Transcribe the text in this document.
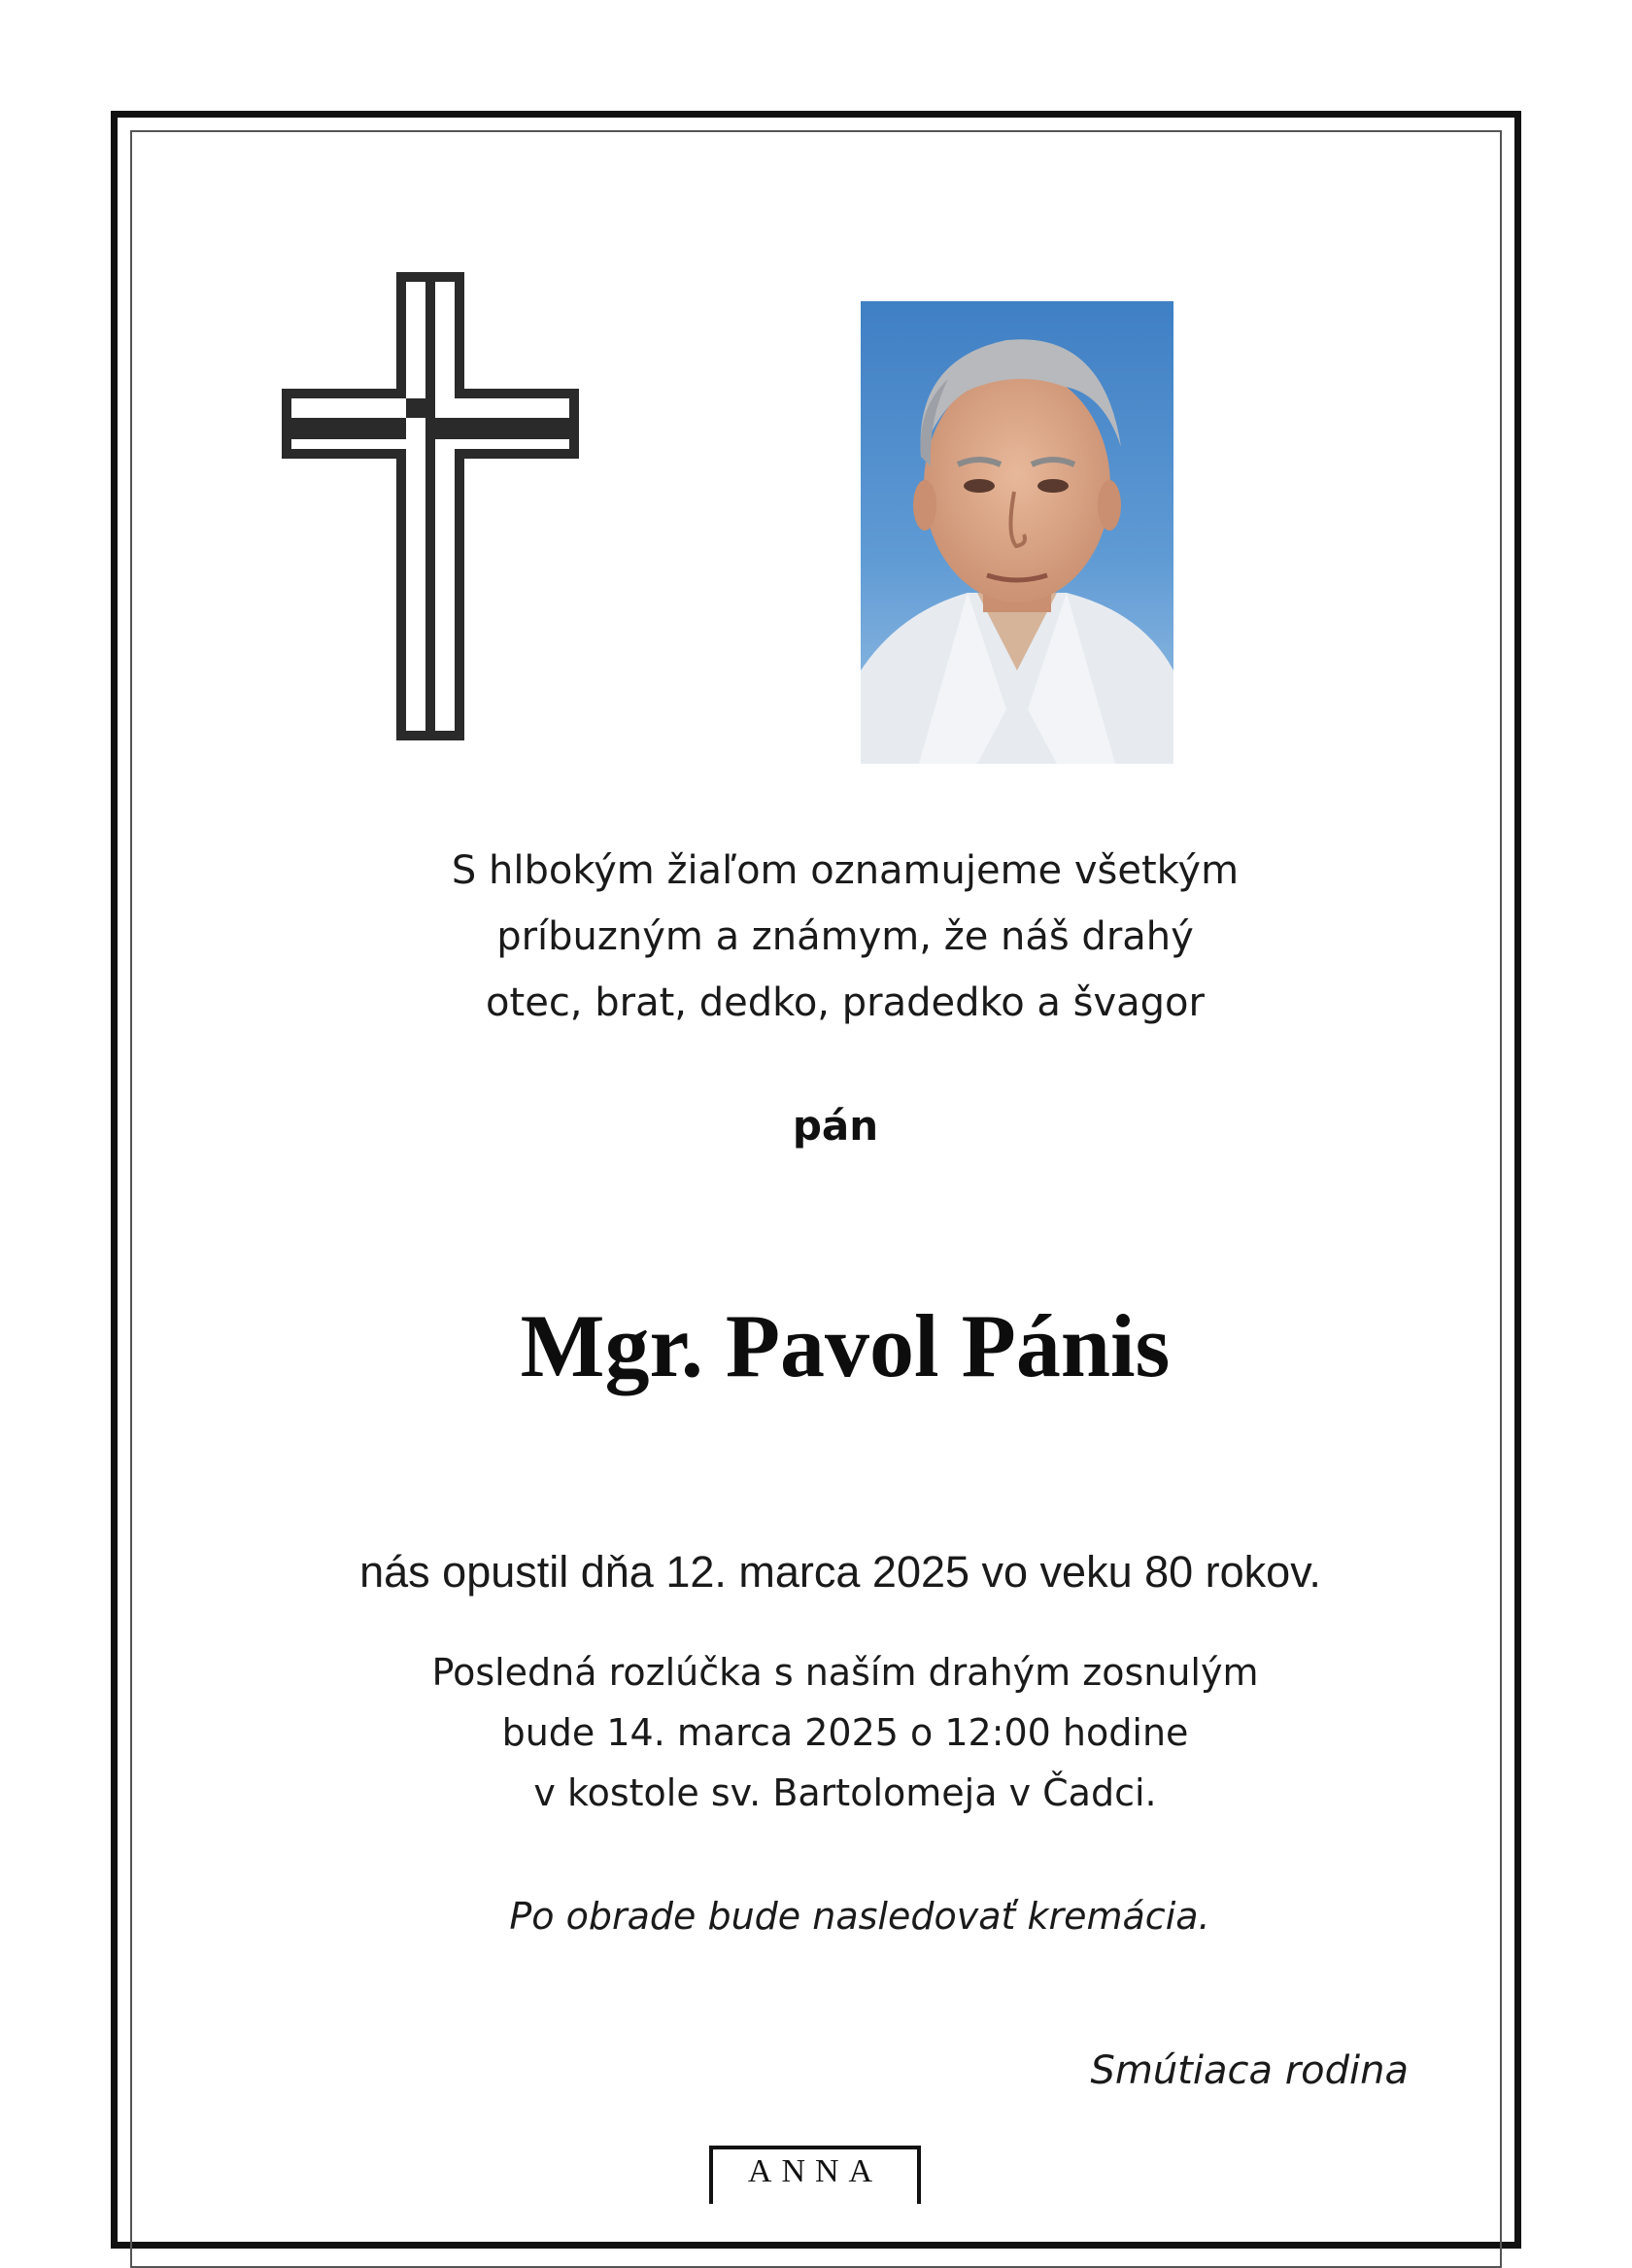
S hlbokým žiaľom oznamujeme všetkým
príbuzným a známym, že náš drahý
otec, brat, dedko, pradedko a švagor
pán
Mgr. Pavol Pánis
nás opustil dňa 12. marca 2025 vo veku 80 rokov.
Posledná rozlúčka s naším drahým zosnulým
bude 14. marca 2025 o 12:00 hodine
v kostole sv. Bartolomeja v Čadci.
Po obrade bude nasledovať kremácia.
Smútiaca rodina
ANNA
